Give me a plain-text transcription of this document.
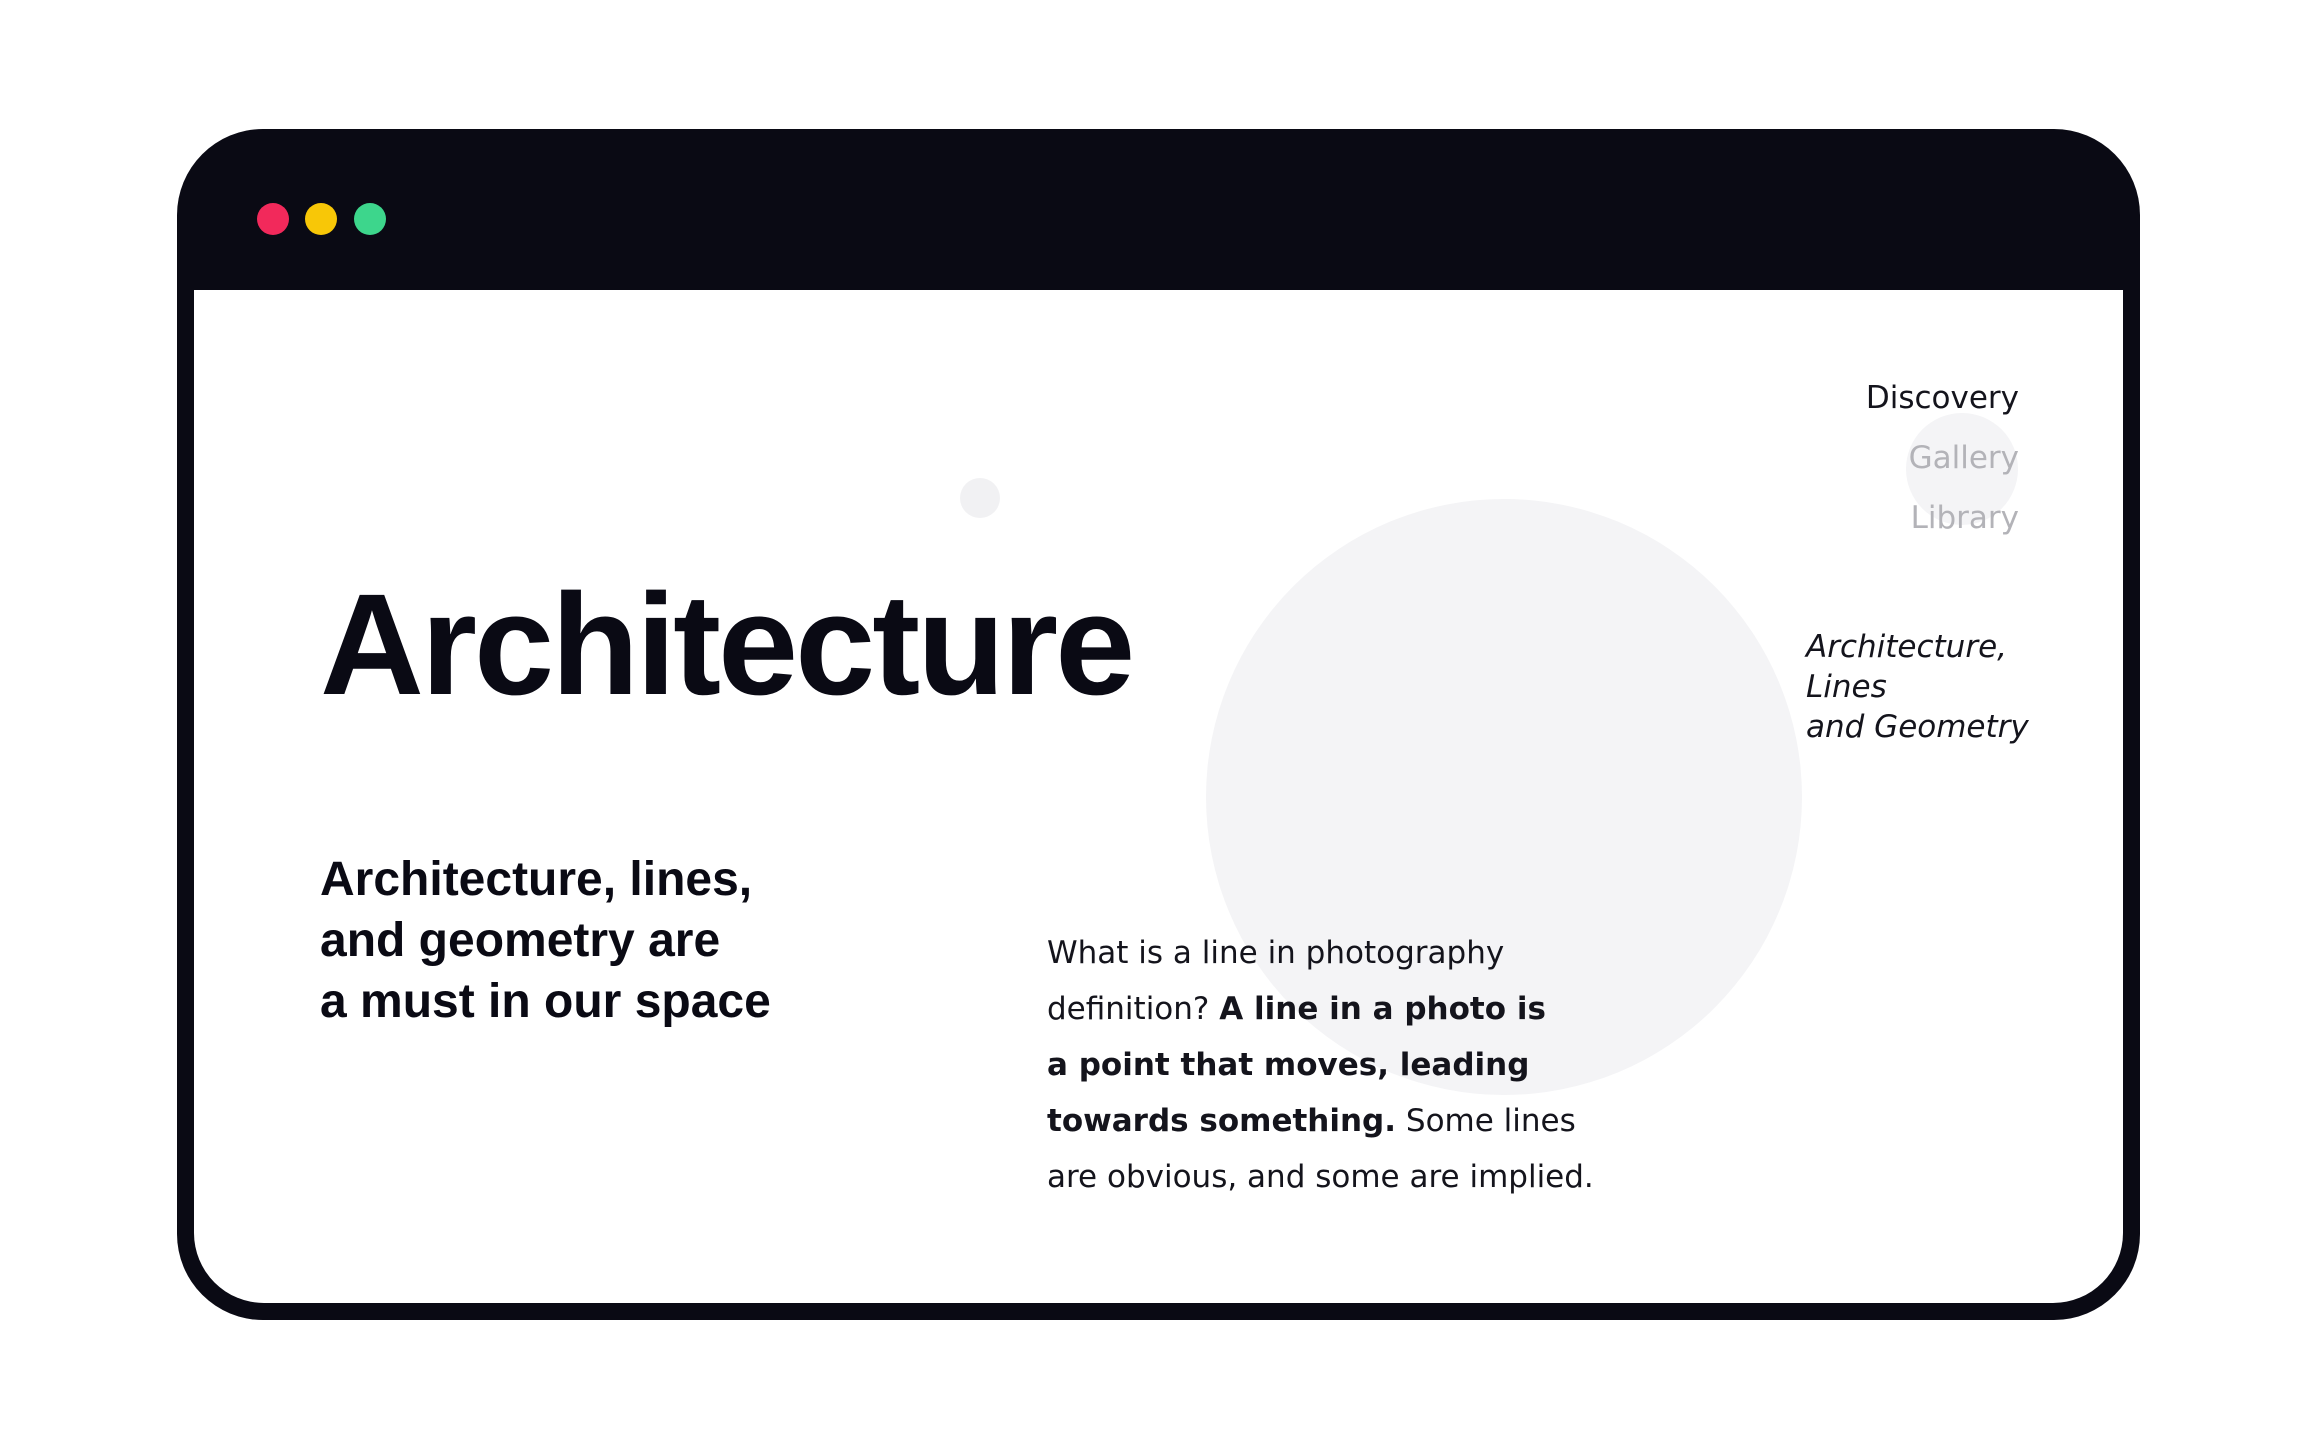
Discovery
Gallery
Library
Architecture	Architecture,
Lines
and Geometry

Architecture, lines,
and geometry are
a must in our space

What is a line in photography
definition? A line in a photo is
a point that moves, leading
towards something. Some lines
are obvious, and some are implied.
